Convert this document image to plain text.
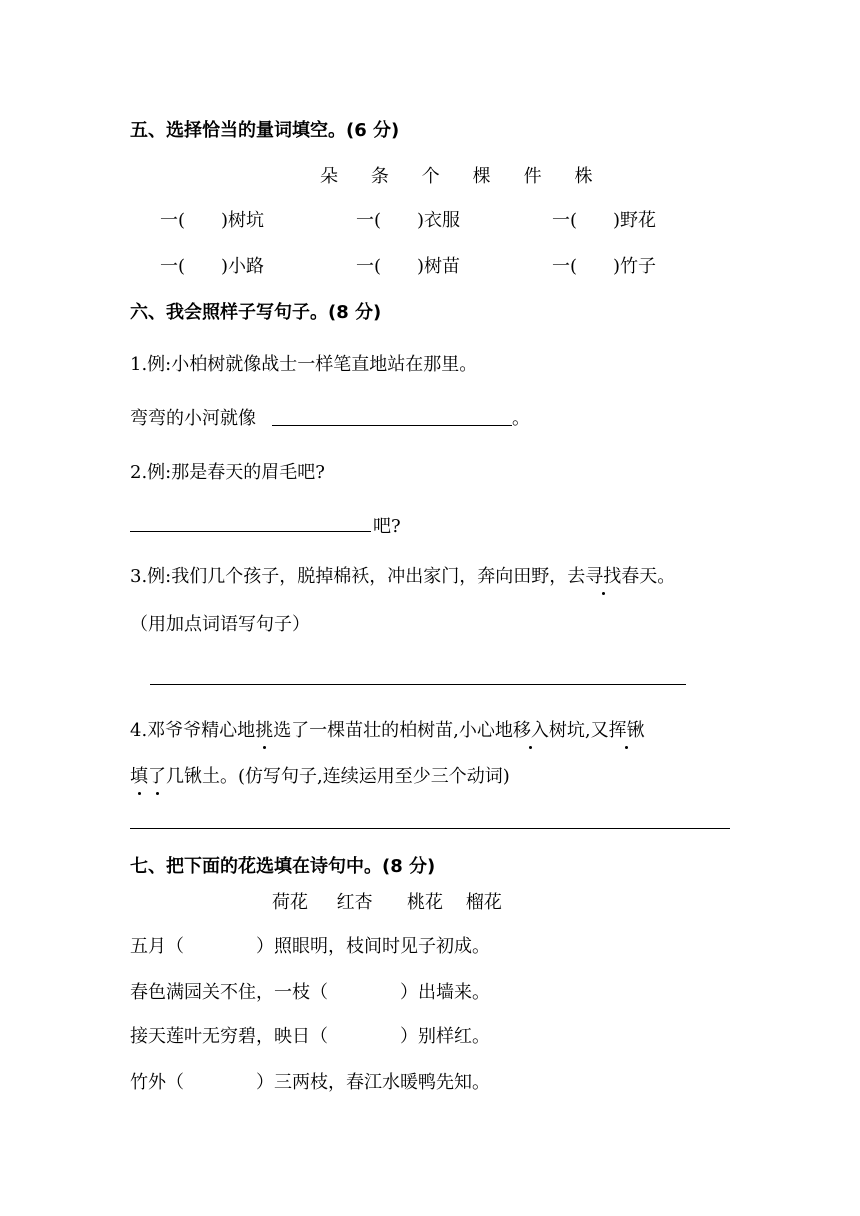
五、选择恰当的量词填空。(6 分)
朵 条 个 棵 件 株
一(　　)树坑	一(　　)衣服	一(　　)野花
一(　　)小路	一(　　)树苗	一(　　)竹子
六、我会照样子写句子。(8 分)
1.例:小柏树就像战士一样笔直地站在那里。
弯弯的小河就像	。
2.例:那是春天的眉毛吧?
吧?
3.例:我们几个孩子，脱掉棉袄，冲出家门，奔向田野，去寻找春天。
（用加点词语写句子）
4.邓爷爷精心地挑选了一棵苗壮的柏树苗,小心地移入树坑,又挥锹
填了几锹土。(仿写句子,连续运用至少三个动词)
七、把下面的花选填在诗句中。(8 分)
荷花 红杏 桃花 榴花
五月（　　　　）照眼明，枝间时见子初成。
春色满园关不住，一枝（　　　　）出墙来。
接天莲叶无穷碧，映日（　　　　）别样红。
竹外（　　　　）三两枝，春江水暖鸭先知。
